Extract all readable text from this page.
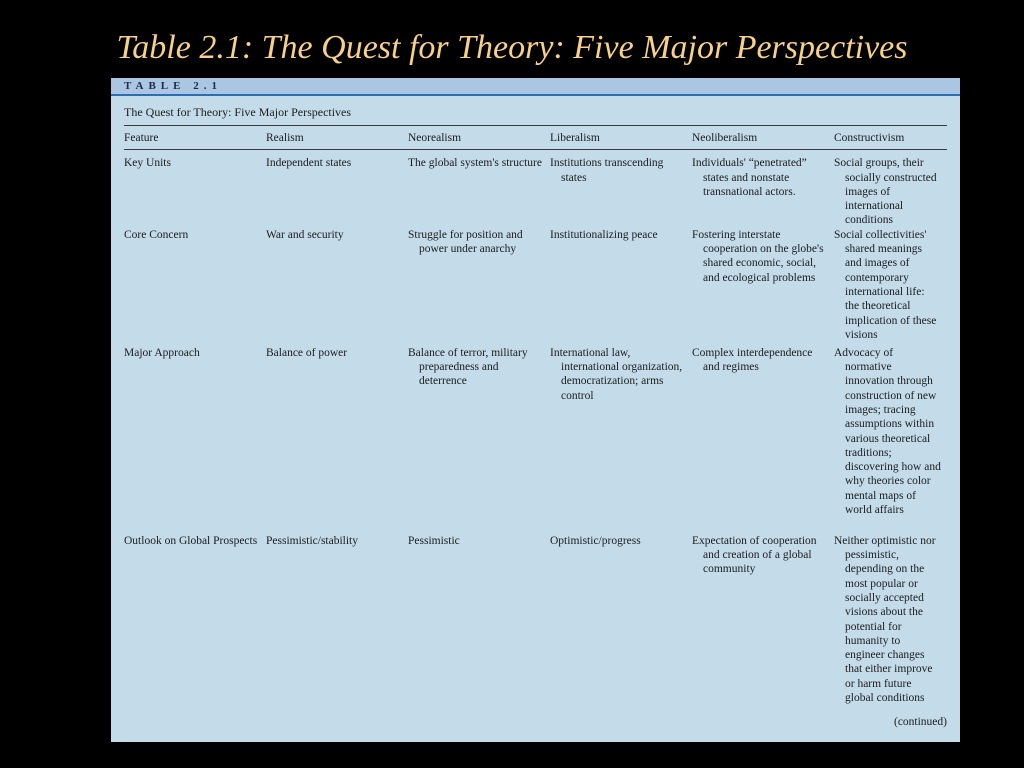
Table 2.1: The Quest for Theory: Five Major Perspectives
TABLE 2.1
The Quest for Theory: Five Major Perspectives
Feature	Realism	Neorealism	Liberalism	Neoliberalism	Constructivism

Key Units	Independent states	The global system's structure	Institutions transcending states	Individuals' “penetrated” states and nonstate transnational actors.	Social groups, their socially constructed images of international conditions

Core Concern	War and security	Struggle for position and power under anarchy	Institutionalizing peace	Fostering interstate cooperation on the globe's shared economic, social, and ecological problems	Social collectivities' shared meanings and images of contemporary international life: the theoretical implication of these visions

Major Approach	Balance of power	Balance of terror, military preparedness and deterrence	International law, international organization, democratization; arms control	Complex interdependence and regimes	Advocacy of normative innovation through construction of new images; tracing assumptions within various theoretical traditions; discovering how and why theories color mental maps of world affairs

Outlook on Global Prospects	Pessimistic/stability	Pessimistic	Optimistic/progress	Expectation of cooperation and creation of a global community	Neither optimistic nor pessimistic, depending on the most popular or socially accepted visions about the potential for humanity to engineer changes that either improve or harm future global conditions
(continued)
